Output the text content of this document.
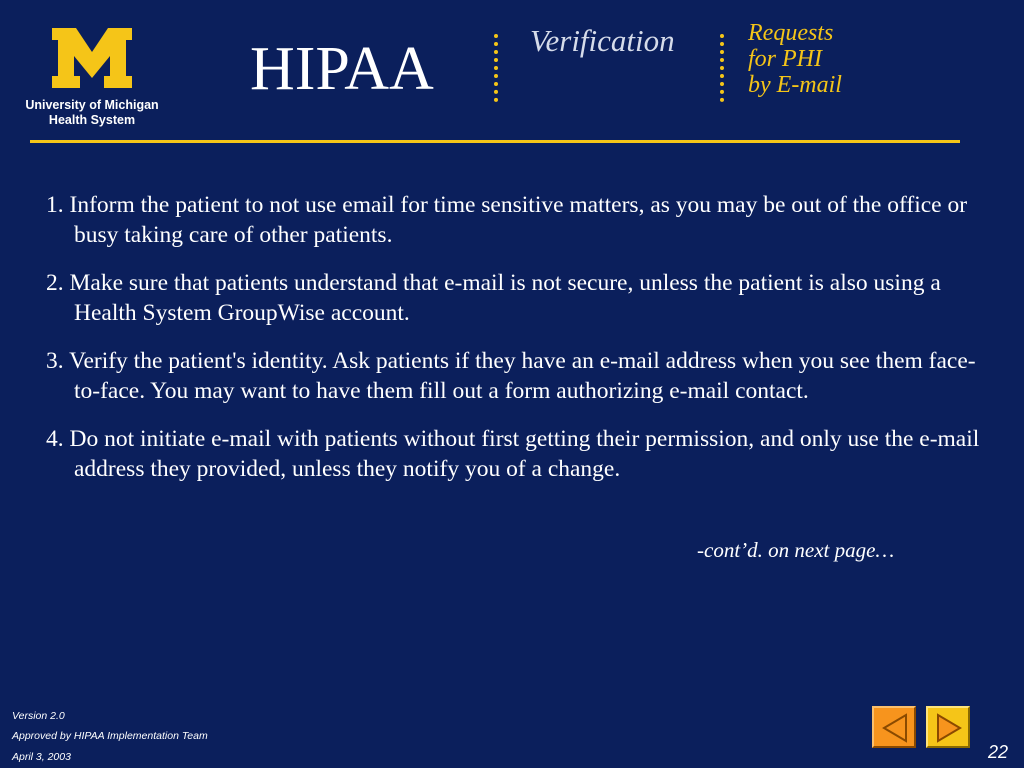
University of Michigan
Health System
HIPAA	Verification	Requests
for PHI
by E-mail
1. Inform the patient to not use email for time sensitive matters, as you may be out of the office or busy taking care of other patients.
2. Make sure that patients understand that e-mail is not secure, unless the patient is also using a Health System GroupWise account.
3. Verify the patient's identity. Ask patients if they have an e-mail address when you see them face-to-face. You may want to have them fill out a form authorizing e-mail contact.
4. Do not initiate e-mail with patients without first getting their permission, and only use the e-mail address they provided, unless they notify you of a change.
-cont’d. on next page…
Version 2.0
Approved by HIPAA Implementation Team
April 3, 2003	22
